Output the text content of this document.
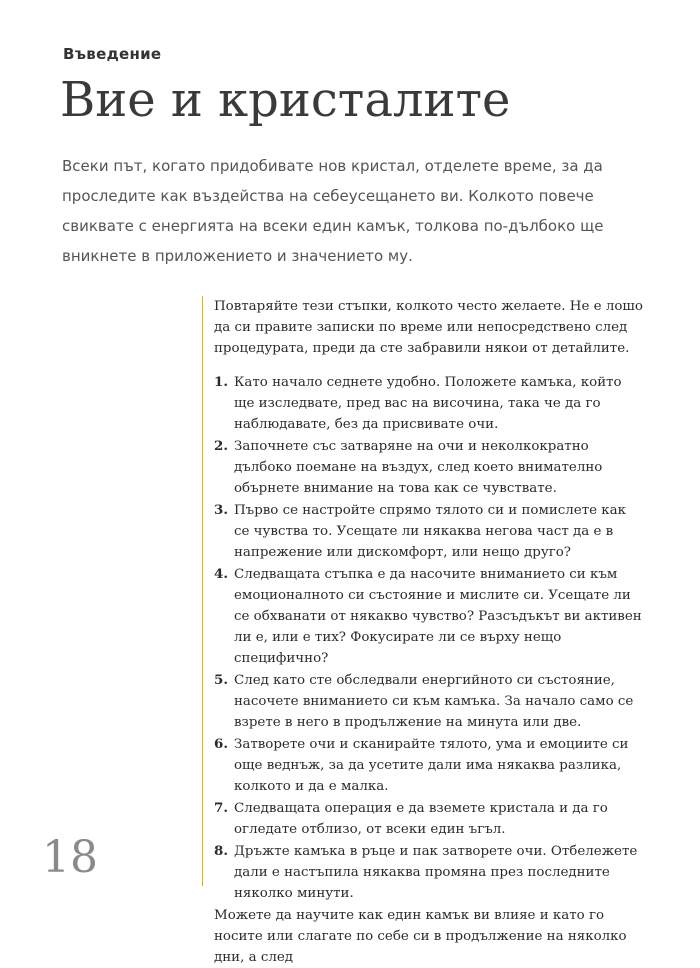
Въведение
Вие и кристалите

Всеки път, когато придобивате нов кристал, отделете време, за да проследите как въздейства на себеусещането ви. Колкото повече свиквате с енергията на всеки един камък, толкова по-дълбоко ще вникнете в приложението и значението му.

Повтаряйте тези стъпки, колкото често желаете. Не е лошо да си правите записки по време или непосредствено след процедурата, преди да сте забравили някои от детайлите.

1. Като начало седнете удобно. Положете камъка, който ще изследвате, пред вас на височина, така че да го наблюдавате, без да присвивате очи.
2. Започнете със затваряне на очи и неколкократно дълбоко поемане на въздух, след което внимателно обърнете внимание на това как се чувствате.
3. Първо се настройте спрямо тялото си и помислете как се чувства то. Усещате ли някаква негова част да е в напрежение или дискомфорт, или нещо друго?
4. Следващата стъпка е да насочите вниманието си към емоционалното си състояние и мислите си. Усещате ли се обхванати от някакво чувство? Разсъдъкът ви активен ли е, или е тих? Фокусирате ли се върху нещо специфично?
5. След като сте обследвали енергийното си състояние, насочете вниманието си към камъка. За начало само се взрете в него в продължение на минута или две.
6. Затворете очи и сканирайте тялото, ума и емоциите си още веднъж, за да усетите дали има някаква разлика, колкото и да е малка.
7. Следващата операция е да вземете кристала и да го огледате отблизо, от всеки един ъгъл.
8. Дръжте камъка в ръце и пак затворете очи. Отбележете дали е настъпила някаква промяна през последните няколко минути.

Можете да научите как един камък ви влияе и като го носите или слагате по себе си в продължение на няколко дни, а след

18
